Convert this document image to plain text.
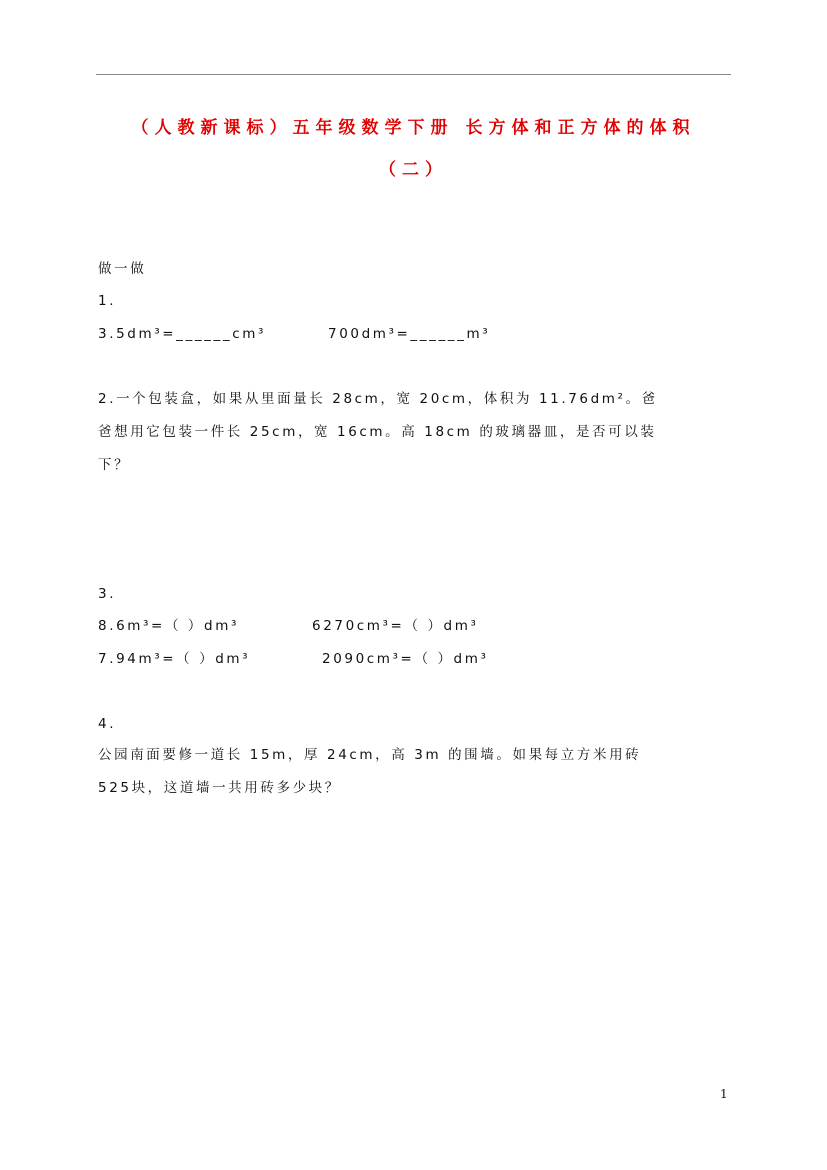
（人教新课标）五年级数学下册 长方体和正方体的体积
（二）
做一做
1.
3.5dm³=______cm³	700dm³=______m³
2.一个包装盒，如果从里面量长 28cm，宽 20cm，体积为 11.76dm²。爸
爸想用它包装一件长 25cm，宽 16cm。高 18cm 的玻璃器皿，是否可以装
下？
3.
8.6m³=（ ）dm³	6270cm³=（ ）dm³
7.94m³=（ ）dm³	2090cm³=（ ）dm³
4.
公园南面要修一道长 15m，厚 24cm，高 3m 的围墙。如果每立方米用砖
525块，这道墙一共用砖多少块？
1
